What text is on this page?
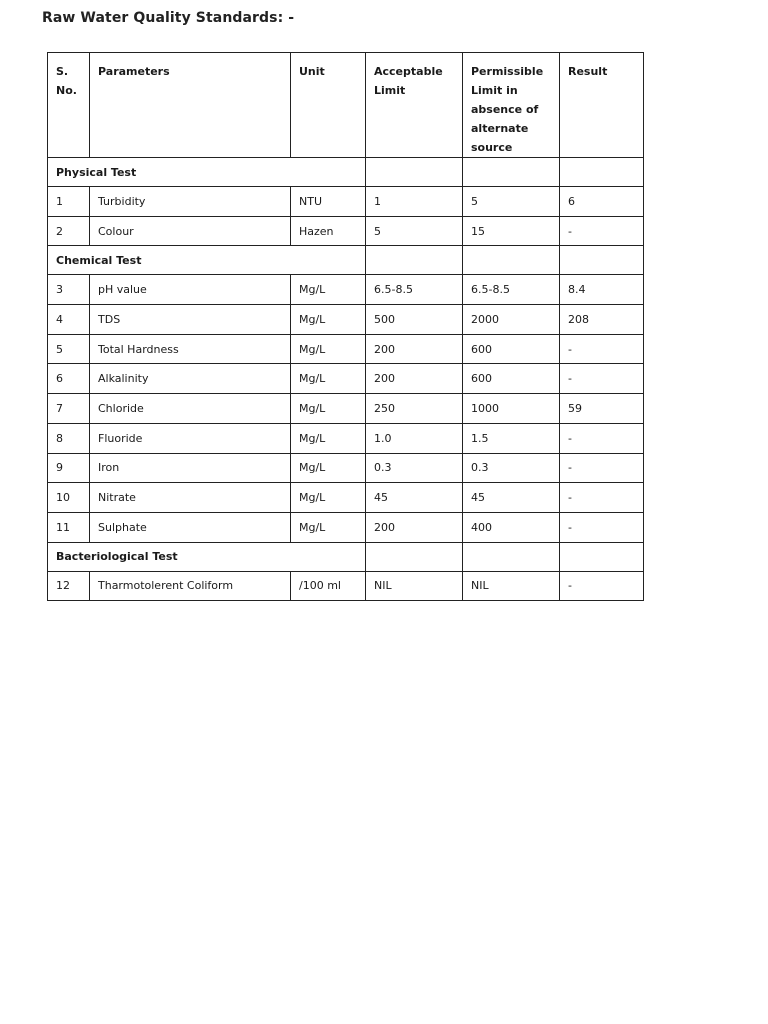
Raw Water Quality Standards: -
S. No.	Parameters	Unit	Acceptable Limit	Permissible Limit in absence of alternate source	Result
Physical Test					
1	Turbidity	NTU	1	5	6
2	Colour	Hazen	5	15	-
Chemical Test					
3	pH value	Mg/L	6.5-8.5	6.5-8.5	8.4
4	TDS	Mg/L	500	2000	208
5	Total Hardness	Mg/L	200	600	-
6	Alkalinity	Mg/L	200	600	-
7	Chloride	Mg/L	250	1000	59
8	Fluoride	Mg/L	1.0	1.5	-
9	Iron	Mg/L	0.3	0.3	-
10	Nitrate	Mg/L	45	45	-
11	Sulphate	Mg/L	200	400	-
Bacteriological Test					
12	Tharmotolerent Coliform	/100 ml	NIL	NIL	-
